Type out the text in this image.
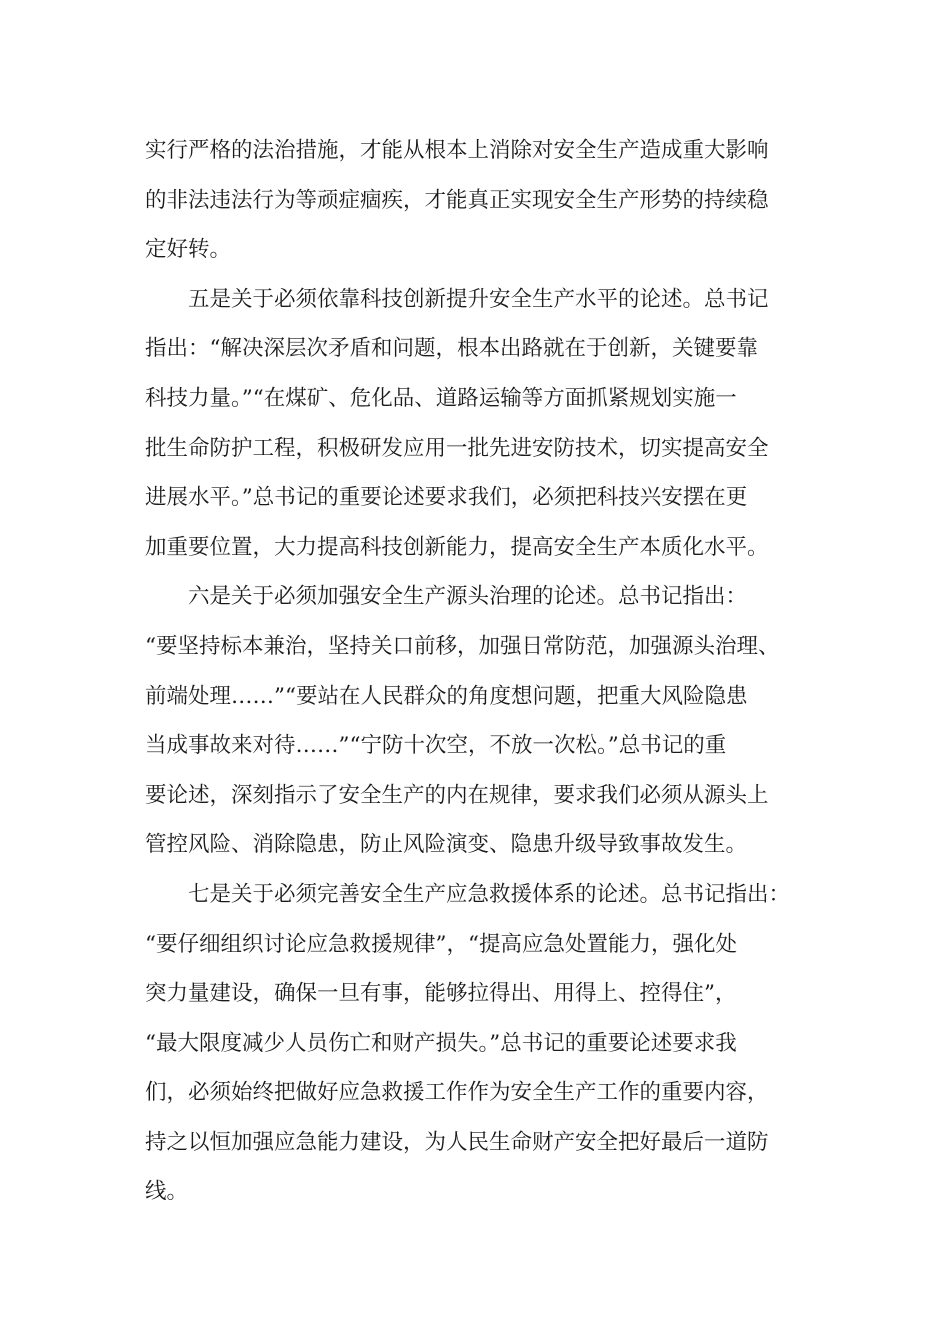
实行严格的法治措施，才能从根本上消除对安全生产造成重大影响
的非法违法行为等顽症痼疾，才能真正实现安全生产形势的持续稳
定好转。

五是关于必须依靠科技创新提升安全生产水平的论述。总书记
指出：“解决深层次矛盾和问题，根本出路就在于创新，关键要靠
科技力量。”“在煤矿、危化品、道路运输等方面抓紧规划实施一
批生命防护工程，积极研发应用一批先进安防技术，切实提高安全
进展水平。”总书记的重要论述要求我们，必须把科技兴安摆在更
加重要位置，大力提高科技创新能力，提高安全生产本质化水平。

六是关于必须加强安全生产源头治理的论述。总书记指出：
“要坚持标本兼治，坚持关口前移，加强日常防范，加强源头治理、
前端处理……”“要站在人民群众的角度想问题，把重大风险隐患
当成事故来对待……”“宁防十次空，不放一次松。”总书记的重
要论述，深刻指示了安全生产的内在规律，要求我们必须从源头上
管控风险、消除隐患，防止风险演变、隐患升级导致事故发生。

七是关于必须完善安全生产应急救援体系的论述。总书记指出：
“要仔细组织讨论应急救援规律”，“提高应急处置能力，强化处
突力量建设，确保一旦有事，能够拉得出、用得上、控得住”，
“最大限度减少人员伤亡和财产损失。”总书记的重要论述要求我
们，必须始终把做好应急救援工作作为安全生产工作的重要内容，
持之以恒加强应急能力建设，为人民生命财产安全把好最后一道防
线。
